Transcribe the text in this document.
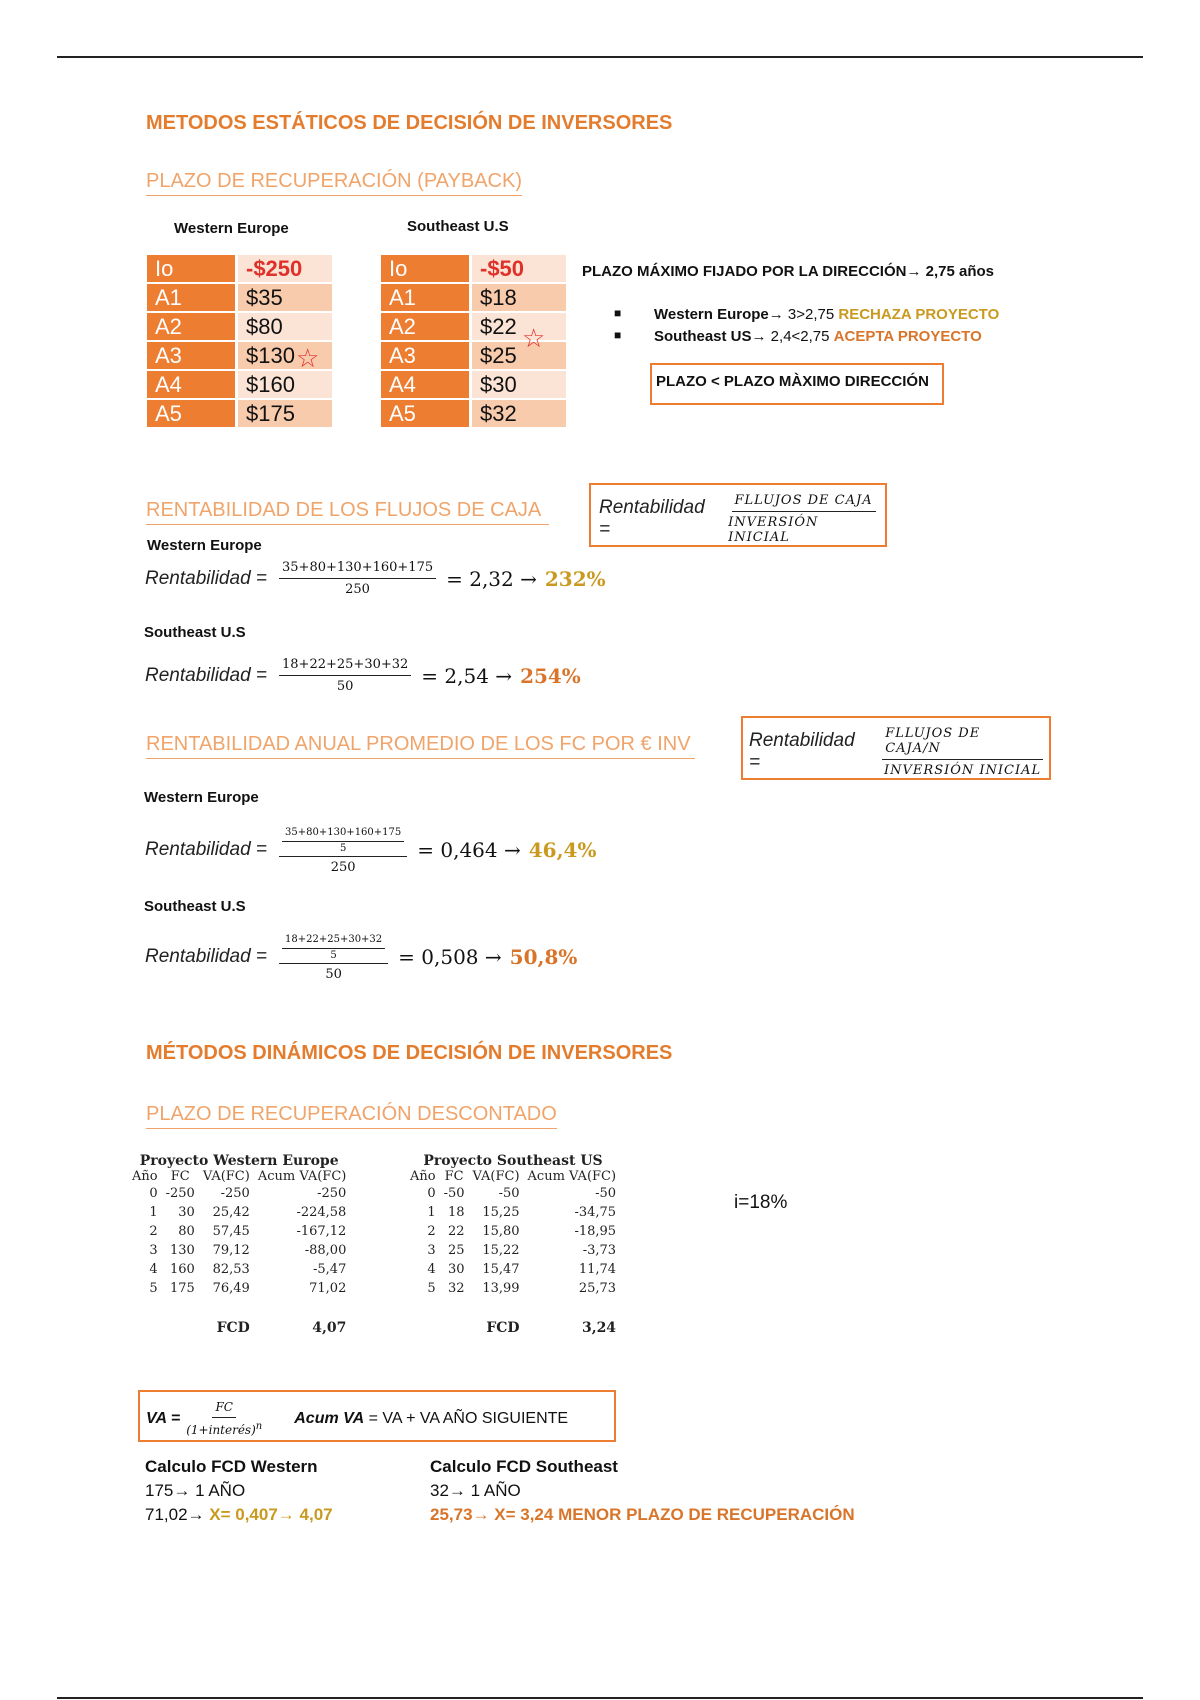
METODOS ESTÁTICOS DE DECISIÓN DE INVERSORES
PLAZO DE RECUPERACIÓN (PAYBACK)
Western Europe	Southeast U.S
Io	-$250
A1	$35
A2	$80
A3	$130
A4	$160
A5	$175
☆
Io	-$50
A1	$18
A2	$22
A3	$25
A4	$30
A5	$32
☆
PLAZO MÁXIMO FIJADO POR LA DIRECCIÓN→ 2,75 años
■ Western Europe→ 3>2,75 RECHAZA PROYECTO
■ Southeast US→ 2,4<2,75 ACEPTA PROYECTO
PLAZO < PLAZO MÀXIMO DIRECCIÓN
RENTABILIDAD DE LOS FLUJOS DE CAJA	Rentabilidad =	$\frac{\text{FLLUJOS DE CAJA}}{\text{INVERSIÓN INICIAL}}$
Western Europe
Rentabilidad = $\frac{35+80+130+160+175}{250} = 2,32 \to 232\%$
Southeast U.S
Rentabilidad = $\frac{18+22+25+30+32}{50} = 2,54 \to 254\%$
RENTABILIDAD ANUAL PROMEDIO DE LOS FC POR € INV	Rentabilidad =	$\frac{\text{FLLUJOS DE CAJA/N}}{\text{INVERSIÓN INICIAL}}$
Western Europe
Rentabilidad = $\frac{\frac{35+80+130+160+175}{5}}{250} = 0,464 \to 46,4\%$
Southeast U.S
Rentabilidad = $\frac{\frac{18+22+25+30+32}{5}}{50} = 0,508 \to 50,8\%$
MÉTODOS DINÁMICOS DE DECISIÓN DE INVERSORES
PLAZO DE RECUPERACIÓN DESCONTADO
Proyecto Western Europe
Año	FC	VA(FC)	Acum VA(FC)
0	-250	-250	-250
1	30	25,42	-224,58
2	80	57,45	-167,12
3	130	79,12	-88,00
4	160	82,53	-5,47
5	175	76,49	71,02
		FCD	4,07
Proyecto Southeast US
Año	FC	VA(FC)	Acum VA(FC)
0	-50	-50	-50
1	18	15,25	-34,75
2	22	15,80	-18,95
3	25	15,22	-3,73
4	30	15,47	11,74
5	32	13,99	25,73
		FCD	3,24
i=18%
VA = $\frac{FC}{(1+interés)^n}$ Acum VA = VA + VA AÑO SIGUIENTE
Calculo FCD Western
175→ 1 AÑO
71,02→ X= 0,407→ 4,07
Calculo FCD Southeast
32→ 1 AÑO
25,73→ X= 3,24 MENOR PLAZO DE RECUPERACIÓN
